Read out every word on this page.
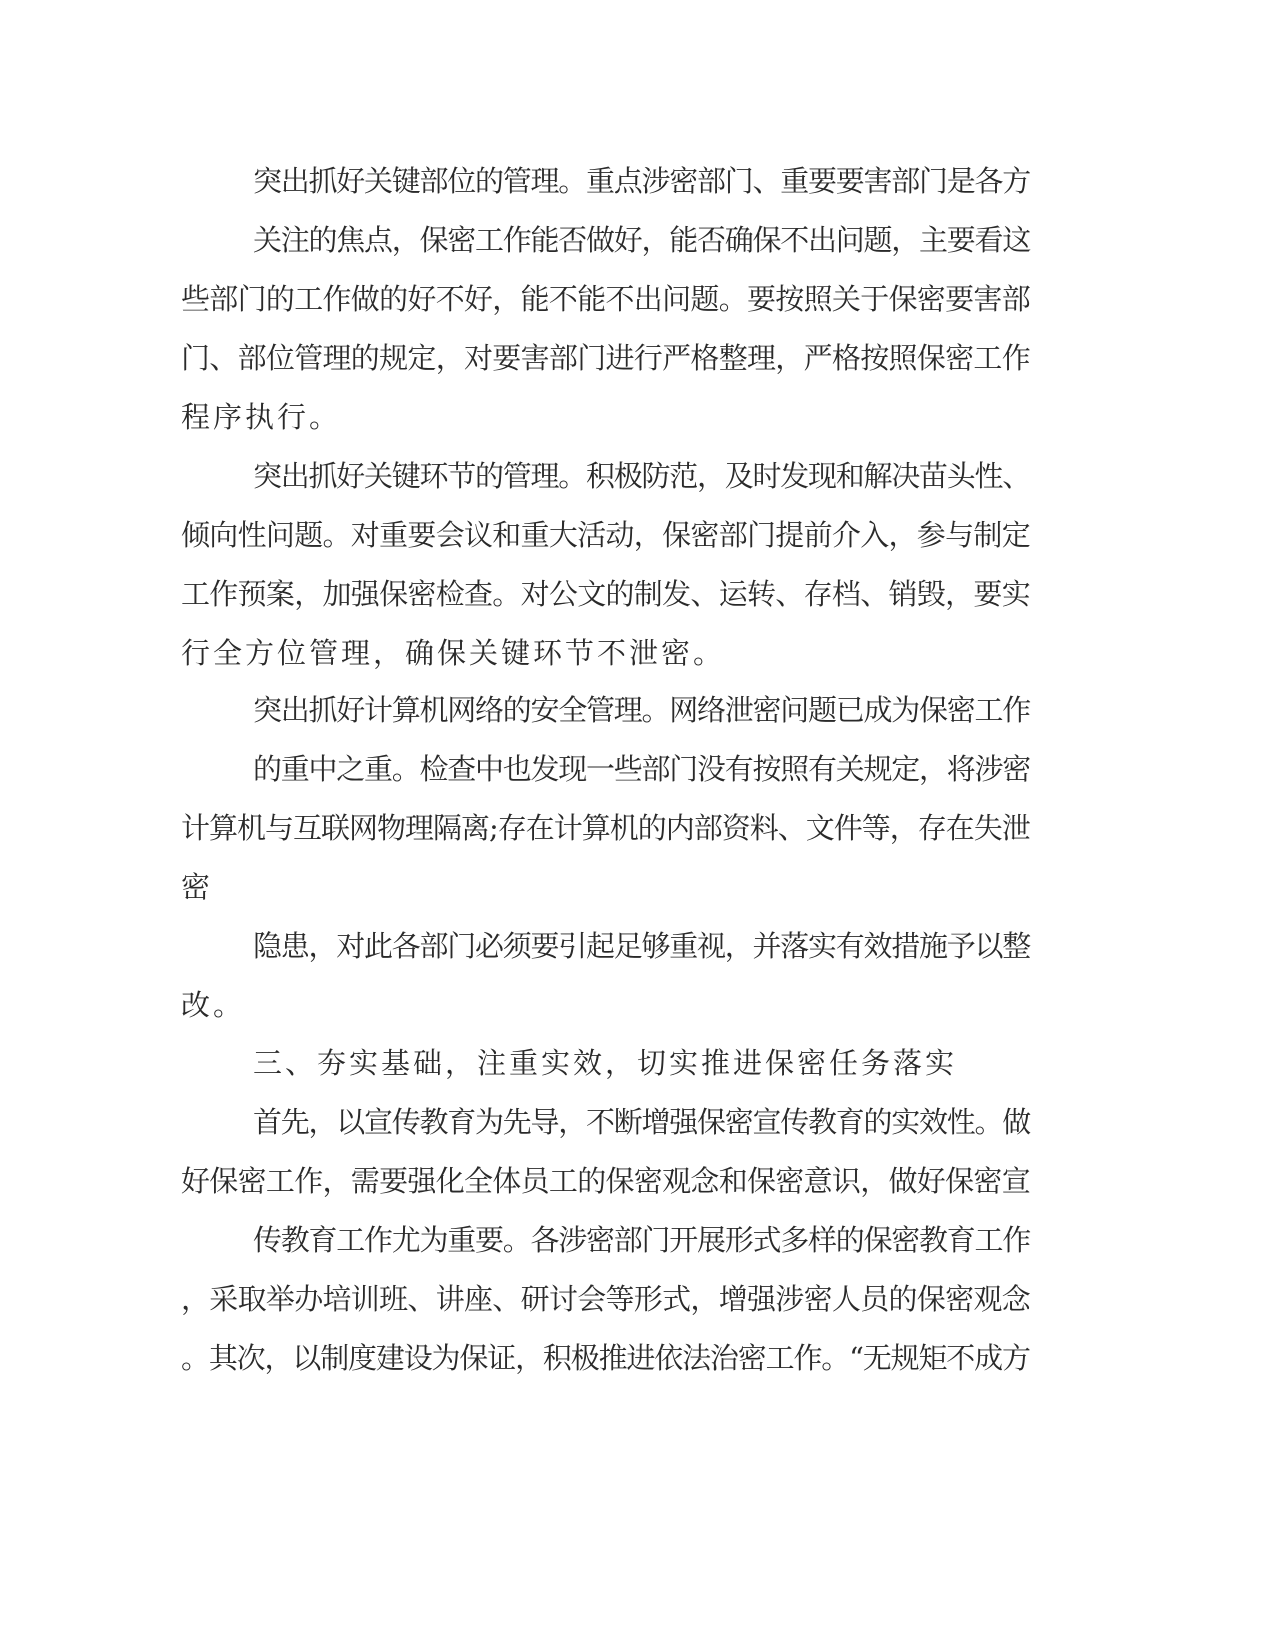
突出抓好关键部位的管理。重点涉密部门、重要要害部门是各方

关注的焦点，保密工作能否做好，能否确保不出问题，主要看这

些部门的工作做的好不好，能不能不出问题。要按照关于保密要害部

门、部位管理的规定，对要害部门进行严格整理，严格按照保密工作

程序执行。

突出抓好关键环节的管理。积极防范，及时发现和解决苗头性、

倾向性问题。对重要会议和重大活动，保密部门提前介入，参与制定

工作预案，加强保密检查。对公文的制发、运转、存档、销毁，要实

行全方位管理，确保关键环节不泄密。

突出抓好计算机网络的安全管理。网络泄密问题已成为保密工作

的重中之重。检查中也发现一些部门没有按照有关规定，将涉密

计算机与互联网物理隔离;存在计算机的内部资料、文件等，存在失泄

密

隐患，对此各部门必须要引起足够重视，并落实有效措施予以整

改。

三、夯实基础，注重实效，切实推进保密任务落实

首先，以宣传教育为先导，不断增强保密宣传教育的实效性。做

好保密工作，需要强化全体员工的保密观念和保密意识，做好保密宣

传教育工作尤为重要。各涉密部门开展形式多样的保密教育工作

，采取举办培训班、讲座、研讨会等形式，增强涉密人员的保密观念

。其次，以制度建设为保证，积极推进依法治密工作。“无规矩不成方
